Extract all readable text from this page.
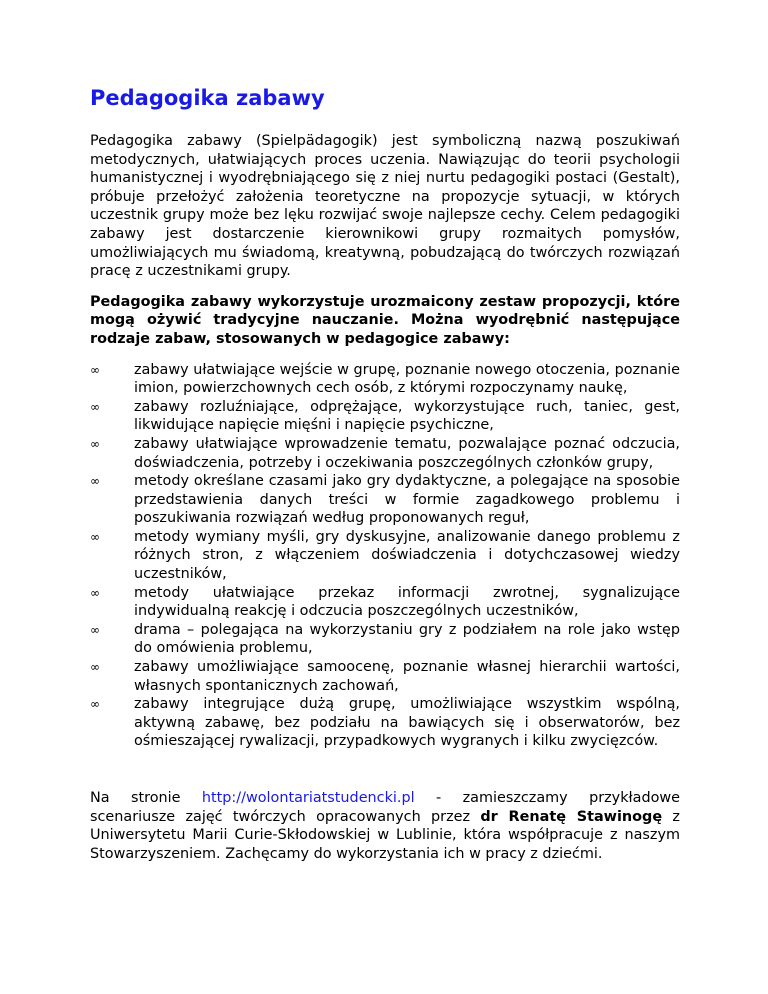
Pedagogika zabawy

Pedagogika zabawy (Spielpädagogik) jest symboliczną nazwą poszukiwań metodycznych, ułatwiających proces uczenia. Nawiązując do teorii psychologii humanistycznej i wyodrębniającego się z niej nurtu pedagogiki postaci (Gestalt), próbuje przełożyć założenia teoretyczne na propozycje sytuacji, w których uczestnik grupy może bez lęku rozwijać swoje najlepsze cechy. Celem pedagogiki zabawy jest dostarczenie kierownikowi grupy rozmaitych pomysłów, umożliwiających mu świadomą, kreatywną, pobudzającą do twórczych rozwiązań pracę z uczestnikami grupy.

Pedagogika zabawy wykorzystuje urozmaicony zestaw propozycji, które mogą ożywić tradycyjne nauczanie. Można wyodrębnić następujące rodzaje zabaw, stosowanych w pedagogice zabawy:

∞ zabawy ułatwiające wejście w grupę, poznanie nowego otoczenia, poznanie imion, powierzchownych cech osób, z którymi rozpoczynamy naukę,
∞ zabawy rozluźniające, odprężające, wykorzystujące ruch, taniec, gest, likwidujące napięcie mięśni i napięcie psychiczne,
∞ zabawy ułatwiające wprowadzenie tematu, pozwalające poznać odczucia, doświadczenia, potrzeby i oczekiwania poszczególnych członków grupy,
∞ metody określane czasami jako gry dydaktyczne, a polegające na sposobie przedstawienia danych treści w formie zagadkowego problemu i poszukiwania rozwiązań według proponowanych reguł,
∞ metody wymiany myśli, gry dyskusyjne, analizowanie danego problemu z różnych stron, z włączeniem doświadczenia i dotychczasowej wiedzy uczestników,
∞ metody ułatwiające przekaz informacji zwrotnej, sygnalizujące indywidualną reakcję i odczucia poszczególnych uczestników,
∞ drama – polegająca na wykorzystaniu gry z podziałem na role jako wstęp do omówienia problemu,
∞ zabawy umożliwiające samoocenę, poznanie własnej hierarchii wartości, własnych spontanicznych zachowań,
∞ zabawy integrujące dużą grupę, umożliwiające wszystkim wspólną, aktywną zabawę, bez podziału na bawiących się i obserwatorów, bez ośmieszającej rywalizacji, przypadkowych wygranych i kilku zwycięzców.

Na stronie http://wolontariatstudencki.pl - zamieszczamy przykładowe scenariusze zajęć twórczych opracowanych przez dr Renatę Stawinogę z Uniwersytetu Marii Curie-Skłodowskiej w Lublinie, która współpracuje z naszym Stowarzyszeniem. Zachęcamy do wykorzystania ich w pracy z dziećmi.
